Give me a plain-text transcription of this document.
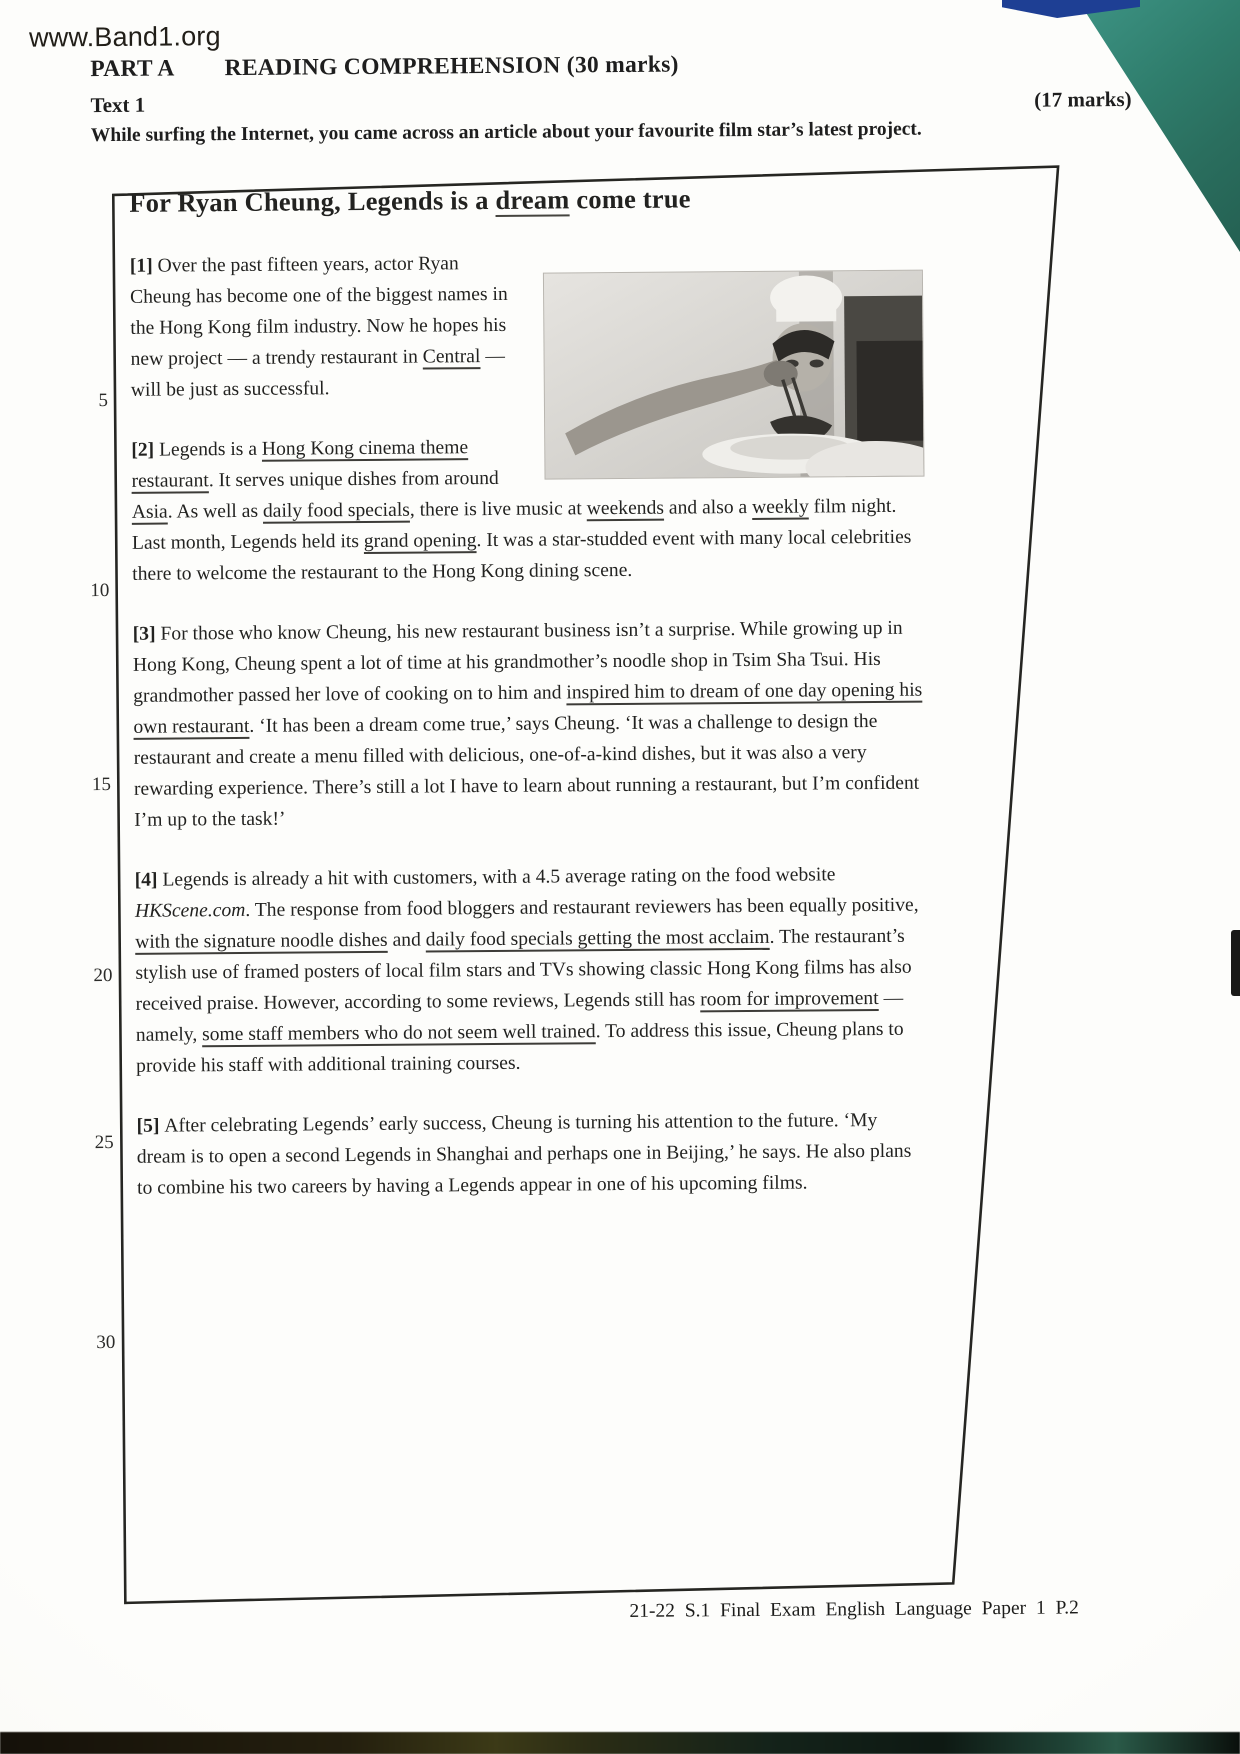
www.Band1.org
PART A READING COMPREHENSION (30 marks)
Text 1	(17 marks)
While surfing the Internet, you came across an article about your favourite film star’s latest project.
5
10
15
20
25
30
For Ryan Cheung, Legends is a dream come true

[1] Over the past fifteen years, actor Ryan Cheung has become one of the biggest names in the Hong Kong film industry. Now he hopes his new project — a trendy restaurant in Central — will be just as successful.

[2] Legends is a Hong Kong cinema theme restaurant. It serves unique dishes from around Asia. As well as daily food specials, there is live music at weekends and also a weekly film night. Last month, Legends held its grand opening. It was a star-studded event with many local celebrities there to welcome the restaurant to the Hong Kong dining scene.

[3] For those who know Cheung, his new restaurant business isn’t a surprise. While growing up in Hong Kong, Cheung spent a lot of time at his grandmother’s noodle shop in Tsim Sha Tsui. His grandmother passed her love of cooking on to him and inspired him to dream of one day opening his own restaurant. ‘It has been a dream come true,’ says Cheung. ‘It was a challenge to design the restaurant and create a menu filled with delicious, one-of-a-kind dishes, but it was also a very rewarding experience. There’s still a lot I have to learn about running a restaurant, but I’m confident I’m up to the task!’

[4] Legends is already a hit with customers, with a 4.5 average rating on the food website HKScene.com. The response from food bloggers and restaurant reviewers has been equally positive, with the signature noodle dishes and daily food specials getting the most acclaim. The restaurant’s stylish use of framed posters of local film stars and TVs showing classic Hong Kong films has also received praise. However, according to some reviews, Legends still has room for improvement — namely, some staff members who do not seem well trained. To address this issue, Cheung plans to provide his staff with additional training courses.

[5] After celebrating Legends’ early success, Cheung is turning his attention to the future. ‘My dream is to open a second Legends in Shanghai and perhaps one in Beijing,’ he says. He also plans to combine his two careers by having a Legends appear in one of his upcoming films.

21-22 S.1 Final Exam English Language Paper 1 P.2
